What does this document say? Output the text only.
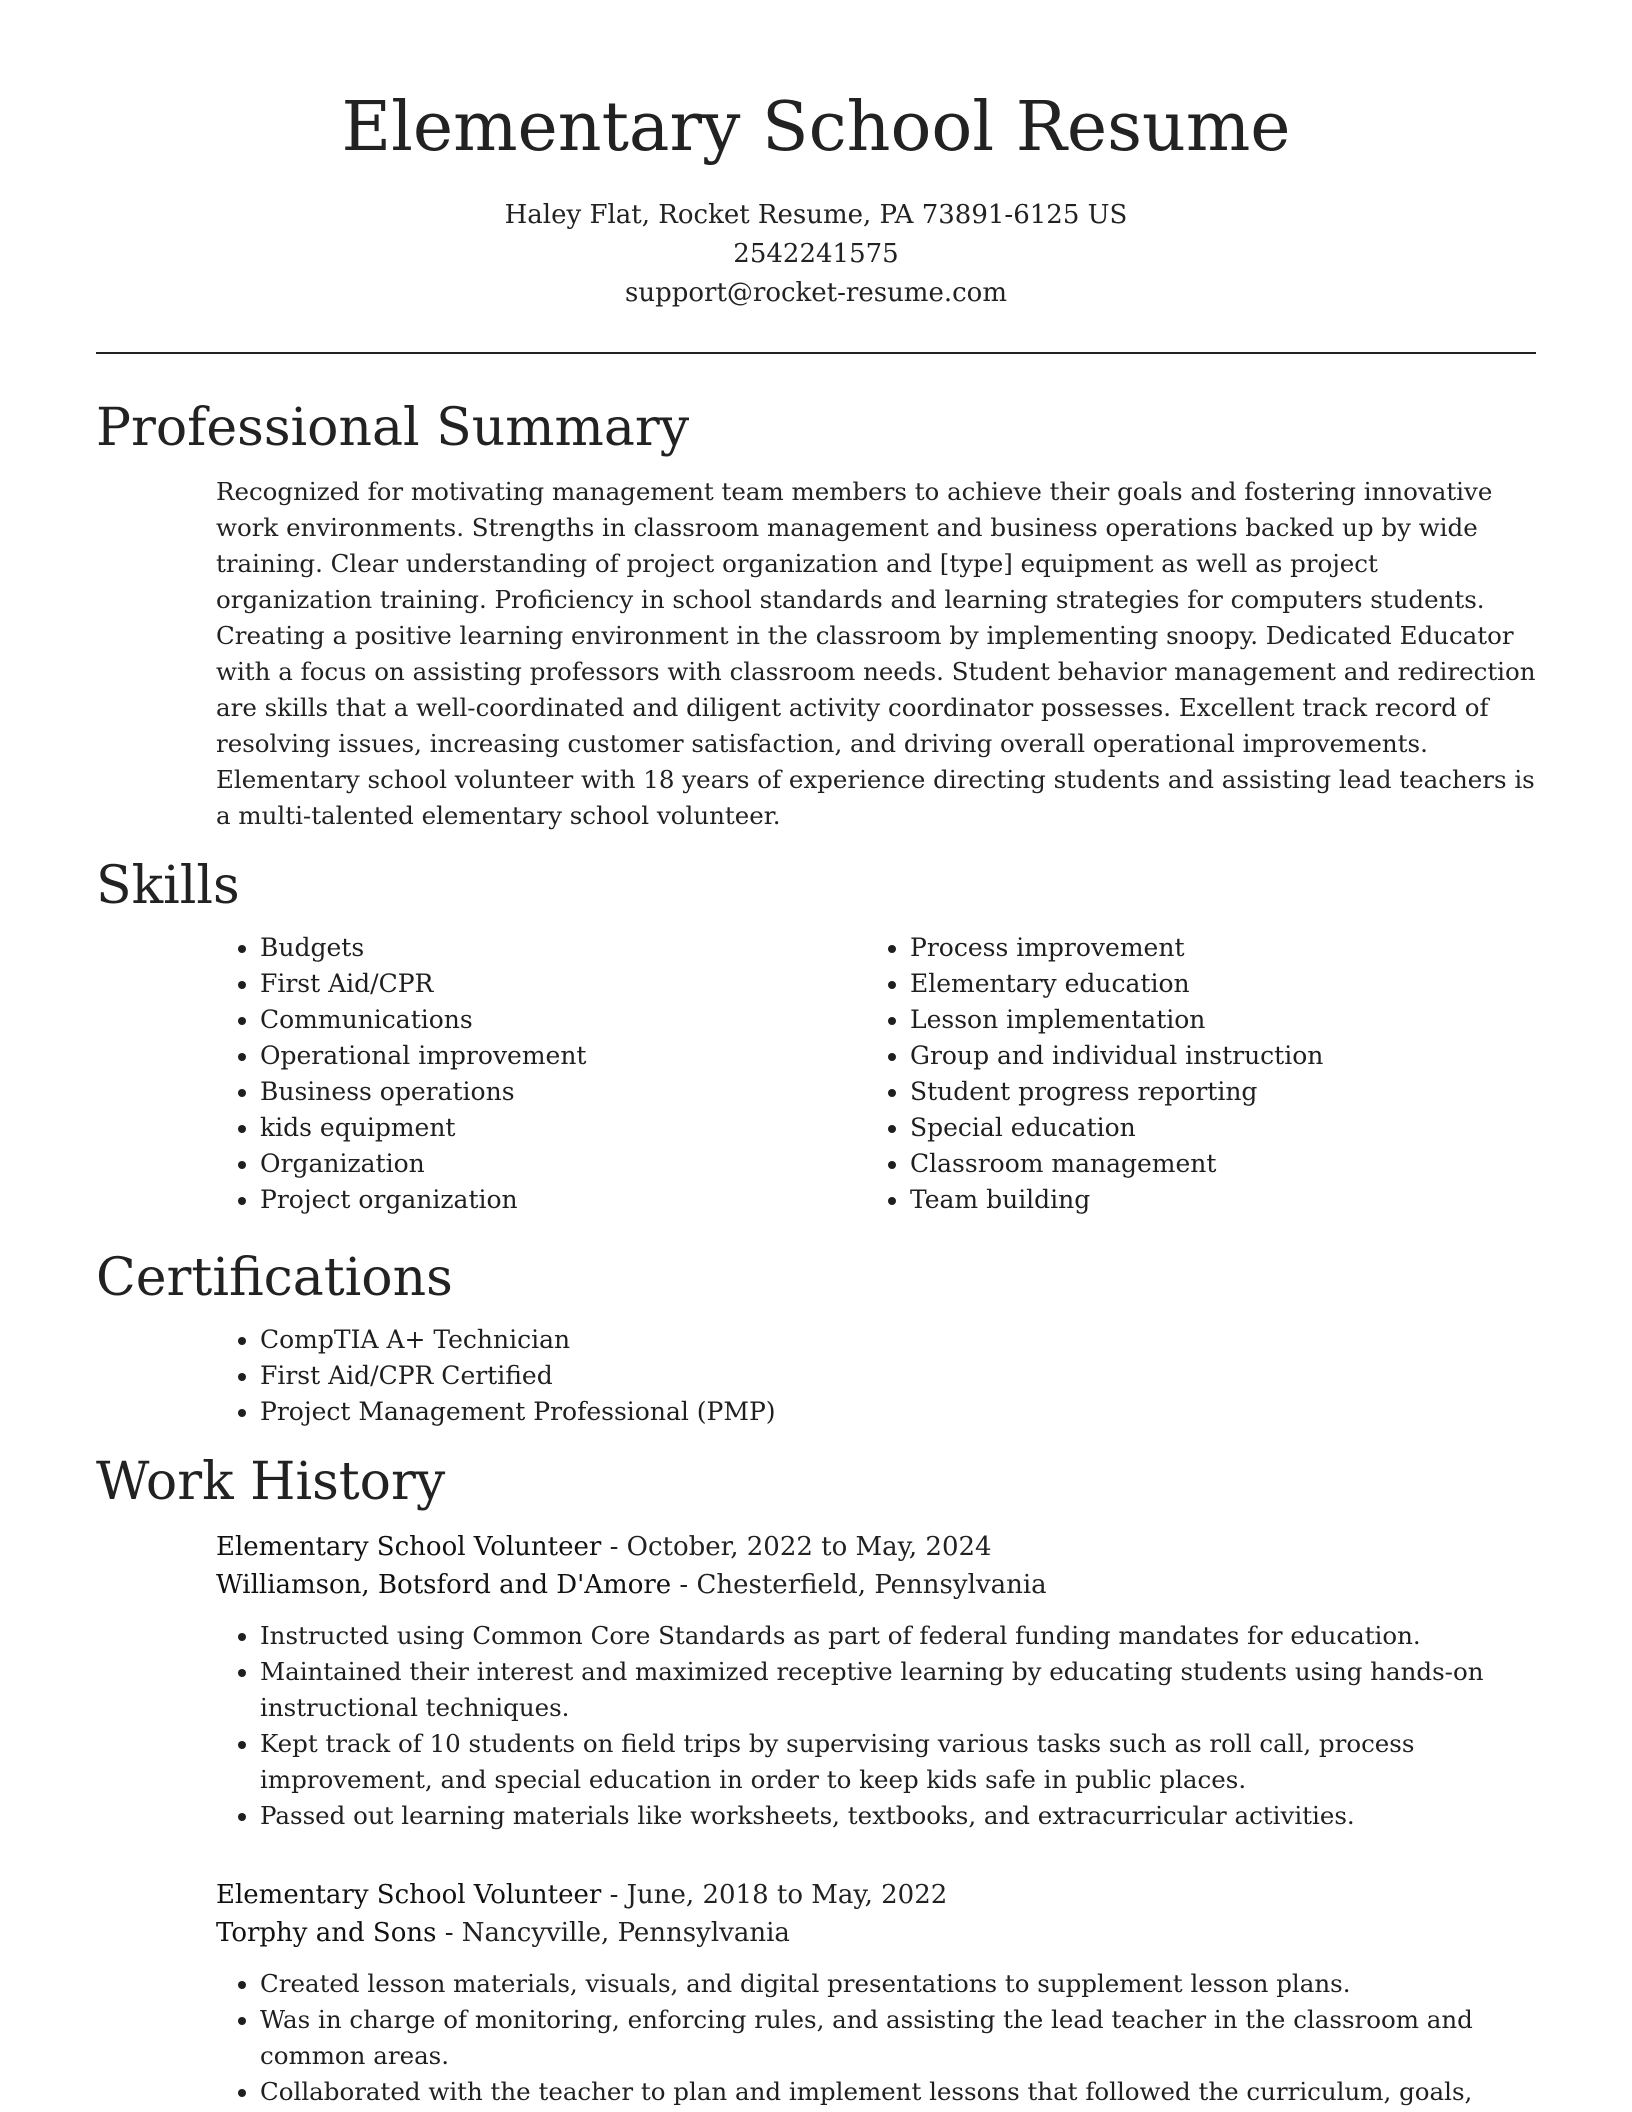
Elementary School Resume
Haley Flat, Rocket Resume, PA 73891-6125 US
2542241575
support@rocket-resume.com
Professional Summary

Recognized for motivating management team members to achieve their goals and fostering innovative work environments. Strengths in classroom management and business operations backed up by wide training. Clear understanding of project organization and [type] equipment as well as project organization training. Proficiency in school standards and learning strategies for computers students. Creating a positive learning environment in the classroom by implementing snoopy. Dedicated Educator with a focus on assisting professors with classroom needs. Student behavior management and redirection are skills that a well-coordinated and diligent activity coordinator possesses. Excellent track record of resolving issues, increasing customer satisfaction, and driving overall operational improvements. Elementary school volunteer with 18 years of experience directing students and assisting lead teachers is a multi-talented elementary school volunteer.

Skills
• Budgets
• First Aid/CPR
• Communications
• Operational improvement
• Business operations
• kids equipment
• Organization
• Project organization
• Process improvement
• Elementary education
• Lesson implementation
• Group and individual instruction
• Student progress reporting
• Special education
• Classroom management
• Team building
Certifications
• CompTIA A+ Technician
• First Aid/CPR Certified
• Project Management Professional (PMP)
Work History
Elementary School Volunteer - October, 2022 to May, 2024
Williamson, Botsford and D'Amore - Chesterfield, Pennsylvania
• Instructed using Common Core Standards as part of federal funding mandates for education.
• Maintained their interest and maximized receptive learning by educating students using hands-on instructional techniques.
• Kept track of 10 students on field trips by supervising various tasks such as roll call, process improvement, and special education in order to keep kids safe in public places.
• Passed out learning materials like worksheets, textbooks, and extracurricular activities.
Elementary School Volunteer - June, 2018 to May, 2022
Torphy and Sons - Nancyville, Pennsylvania
• Created lesson materials, visuals, and digital presentations to supplement lesson plans.
• Was in charge of monitoring, enforcing rules, and assisting the lead teacher in the classroom and common areas.
• Collaborated with the teacher to plan and implement lessons that followed the curriculum, goals,
